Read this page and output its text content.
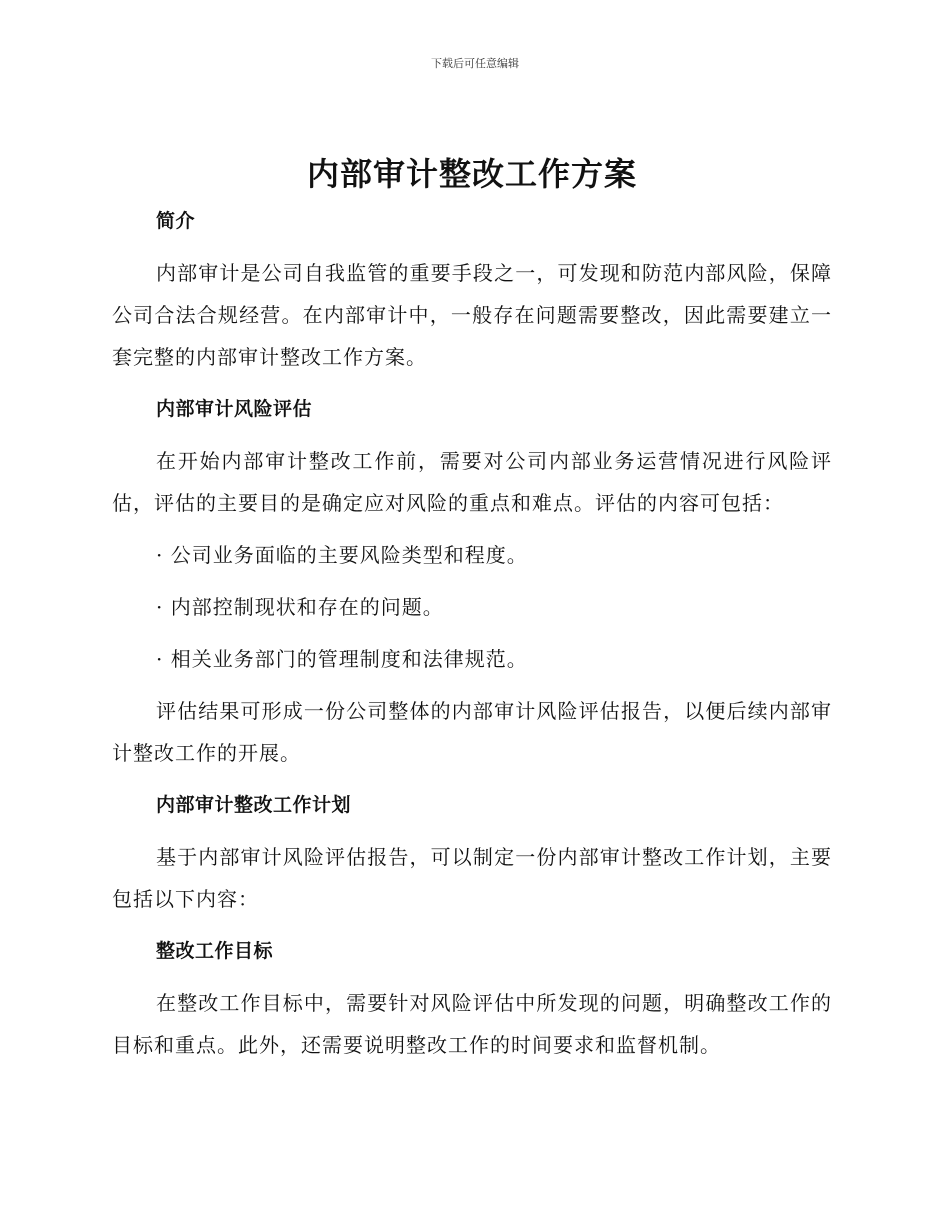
下载后可任意编辑
内部审计整改工作方案
简介

内部审计是公司自我监管的重要手段之一，可发现和防范内部风险，保障公司合法合规经营。在内部审计中，一般存在问题需要整改，因此需要建立一套完整的内部审计整改工作方案。

内部审计风险评估

在开始内部审计整改工作前，需要对公司内部业务运营情况进行风险评估，评估的主要目的是确定应对风险的重点和难点。评估的内容可包括：

· 公司业务面临的主要风险类型和程度。

· 内部控制现状和存在的问题。

· 相关业务部门的管理制度和法律规范。

评估结果可形成一份公司整体的内部审计风险评估报告，以便后续内部审计整改工作的开展。

内部审计整改工作计划

基于内部审计风险评估报告，可以制定一份内部审计整改工作计划，主要包括以下内容：

整改工作目标

在整改工作目标中，需要针对风险评估中所发现的问题，明确整改工作的目标和重点。此外，还需要说明整改工作的时间要求和监督机制。
